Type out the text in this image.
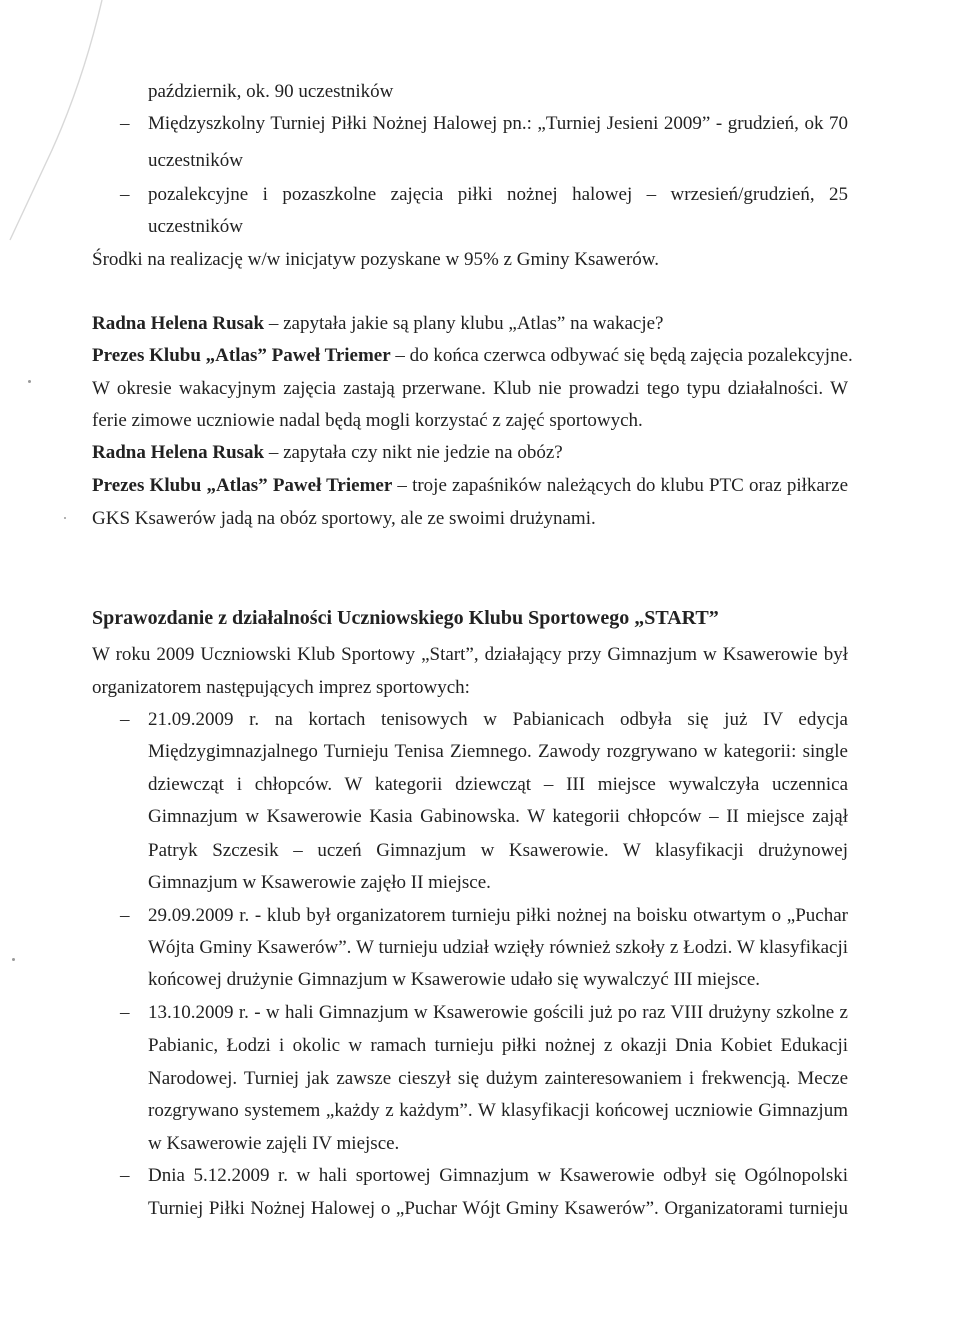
październik, ok. 90 uczestników
– Międzyszkolny Turniej Piłki Nożnej Halowej pn.: „Turniej Jesieni 2009” - grudzień, ok 70
uczestników
– pozalekcyjne i pozaszkolne zajęcia piłki nożnej halowej – wrzesień/grudzień, 25
uczestników
Środki na realizację w/w inicjatyw pozyskane w 95% z Gminy Ksawerów.
Radna Helena Rusak – zapytała jakie są plany klubu „Atlas” na wakacje?
Prezes Klubu „Atlas” Paweł Triemer – do końca czerwca odbywać się będą zajęcia pozalekcyjne.
W okresie wakacyjnym zajęcia zastają przerwane. Klub nie prowadzi tego typu działalności. W
ferie zimowe uczniowie nadal będą mogli korzystać z zajęć sportowych.
Radna Helena Rusak – zapytała czy nikt nie jedzie na obóz?
Prezes Klubu „Atlas” Paweł Triemer – troje zapaśników należących do klubu PTC oraz piłkarze
GKS Ksawerów jadą na obóz sportowy, ale ze swoimi drużynami.
Sprawozdanie z działalności Uczniowskiego Klubu Sportowego „START”
W roku 2009 Uczniowski Klub Sportowy „Start”, działający przy Gimnazjum w Ksawerowie był
organizatorem następujących imprez sportowych:
– 21.09.2009 r. na kortach tenisowych w Pabianicach odbyła się już IV edycja
Międzygimnazjalnego Turnieju Tenisa Ziemnego. Zawody rozgrywano w kategorii: single
dziewcząt i chłopców. W kategorii dziewcząt – III miejsce wywalczyła uczennica
Gimnazjum w Ksawerowie Kasia Gabinowska. W kategorii chłopców – II miejsce zajął
Patryk Szczesik – uczeń Gimnazjum w Ksawerowie. W klasyfikacji drużynowej
Gimnazjum w Ksawerowie zajęło II miejsce.
– 29.09.2009 r. - klub był organizatorem turnieju piłki nożnej na boisku otwartym o „Puchar
Wójta Gminy Ksawerów”. W turnieju udział wzięły również szkoły z Łodzi. W klasyfikacji
końcowej drużynie Gimnazjum w Ksawerowie udało się wywalczyć III miejsce.
– 13.10.2009 r. - w hali Gimnazjum w Ksawerowie gościli już po raz VIII drużyny szkolne z
Pabianic, Łodzi i okolic w ramach turnieju piłki nożnej z okazji Dnia Kobiet Edukacji
Narodowej. Turniej jak zawsze cieszył się dużym zainteresowaniem i frekwencją. Mecze
rozgrywano systemem „każdy z każdym”. W klasyfikacji końcowej uczniowie Gimnazjum
w Ksawerowie zajęli IV miejsce.
– Dnia 5.12.2009 r. w hali sportowej Gimnazjum w Ksawerowie odbył się Ogólnopolski
Turniej Piłki Nożnej Halowej o „Puchar Wójt Gminy Ksawerów”. Organizatorami turnieju
